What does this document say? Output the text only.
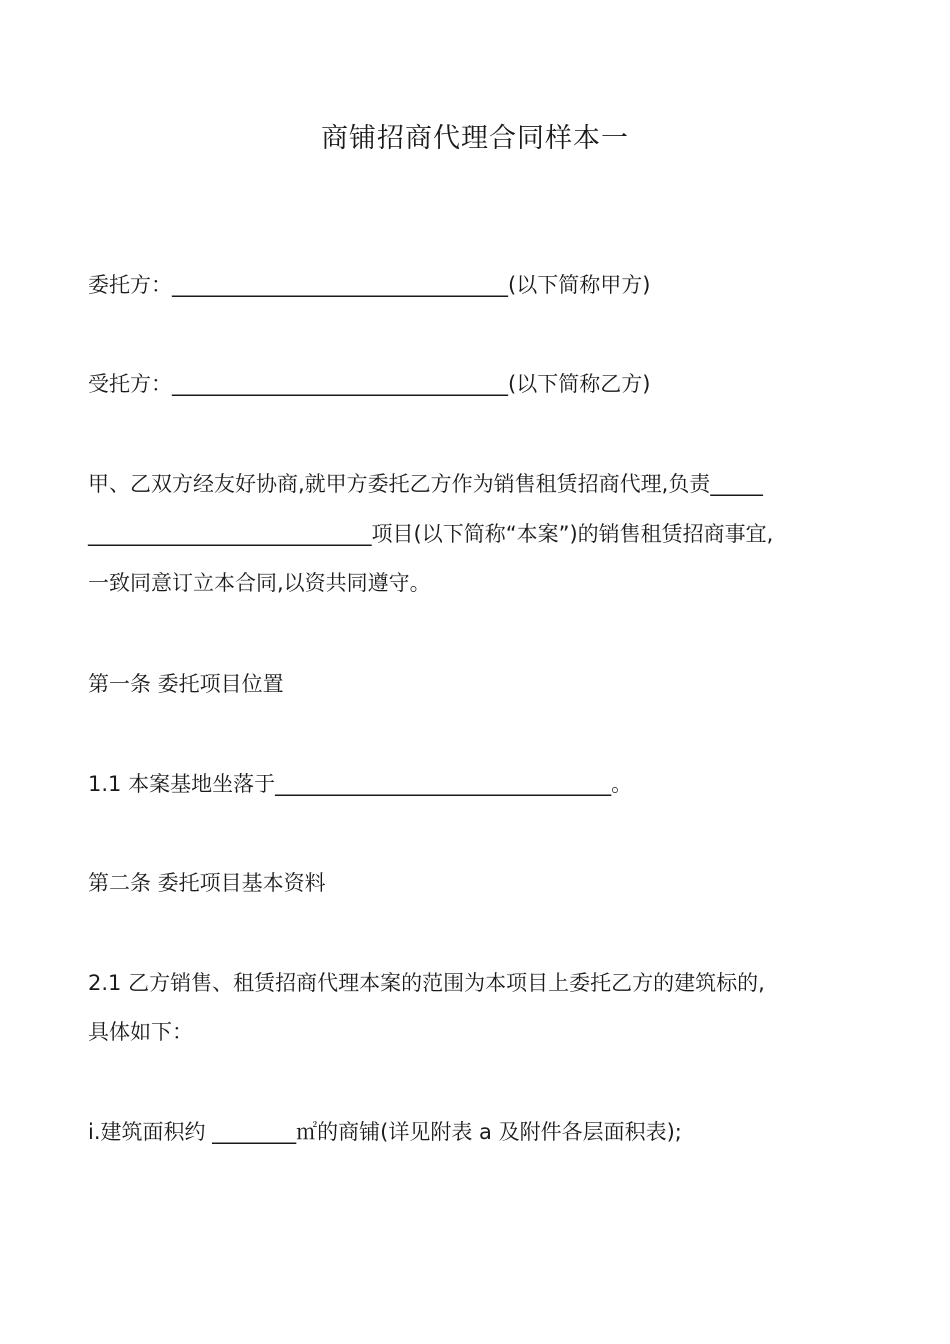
商铺招商代理合同样本一
委托方：________________________________(以下简称甲方)
受托方：________________________________(以下简称乙方)
甲、乙双方经友好协商,就甲方委托乙方作为销售租赁招商代理,负责_____
___________________________项目(以下简称“本案”)的销售租赁招商事宜,
一致同意订立本合同,以资共同遵守。
第一条 委托项目位置
1.1 本案基地坐落于________________________________。
第二条 委托项目基本资料
2.1 乙方销售、租赁招商代理本案的范围为本项目上委托乙方的建筑标的,
具体如下：
i.建筑面积约 ________㎡的商铺(详见附表 a 及附件各层面积表);
